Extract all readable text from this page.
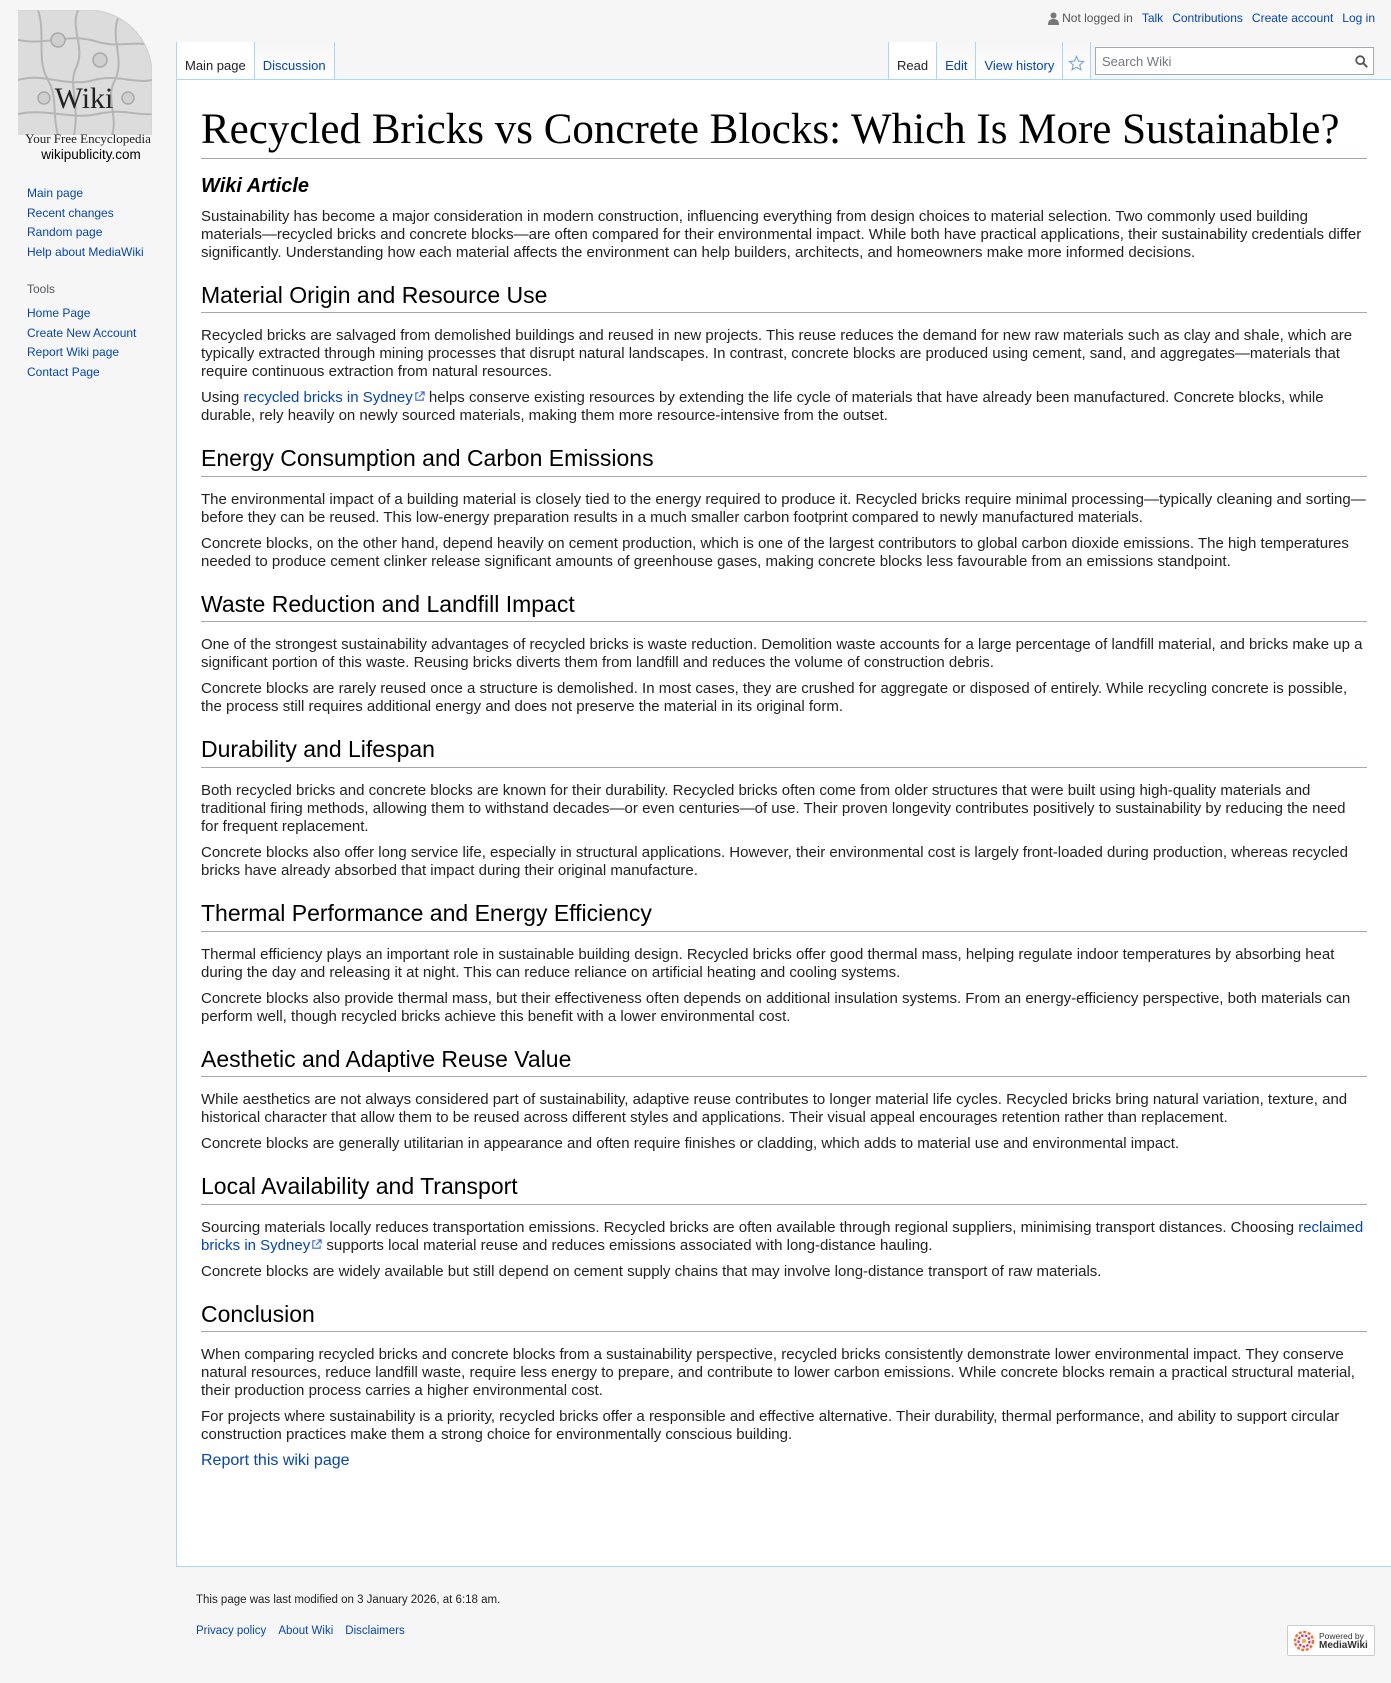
Wiki
Your Free Encyclopedia
wikipublicity.com
Not logged in Talk Contributions Create account Log in
Main page	Discussion	Read	Edit	View history
Search Wiki
Main page
Recent changes
Random page
Help about MediaWiki
Tools
Home Page
Create New Account
Report Wiki page
Contact Page
Recycled Bricks vs Concrete Blocks: Which Is More Sustainable?
Wiki Article

Sustainability has become a major consideration in modern construction, influencing everything from design choices to material selection. Two commonly used building materials—recycled bricks and concrete blocks—are often compared for their environmental impact. While both have practical applications, their sustainability credentials differ significantly. Understanding how each material affects the environment can help builders, architects, and homeowners make more informed decisions.

Material Origin and Resource Use

Recycled bricks are salvaged from demolished buildings and reused in new projects. This reuse reduces the demand for new raw materials such as clay and shale, which are typically extracted through mining processes that disrupt natural landscapes. In contrast, concrete blocks are produced using cement, sand, and aggregates—materials that require continuous extraction from natural resources.

Using recycled bricks in Sydney helps conserve existing resources by extending the life cycle of materials that have already been manufactured. Concrete blocks, while durable, rely heavily on newly sourced materials, making them more resource-intensive from the outset.

Energy Consumption and Carbon Emissions

The environmental impact of a building material is closely tied to the energy required to produce it. Recycled bricks require minimal processing—typically cleaning and sorting—before they can be reused. This low-energy preparation results in a much smaller carbon footprint compared to newly manufactured materials.

Concrete blocks, on the other hand, depend heavily on cement production, which is one of the largest contributors to global carbon dioxide emissions. The high temperatures needed to produce cement clinker release significant amounts of greenhouse gases, making concrete blocks less favourable from an emissions standpoint.

Waste Reduction and Landfill Impact

One of the strongest sustainability advantages of recycled bricks is waste reduction. Demolition waste accounts for a large percentage of landfill material, and bricks make up a significant portion of this waste. Reusing bricks diverts them from landfill and reduces the volume of construction debris.

Concrete blocks are rarely reused once a structure is demolished. In most cases, they are crushed for aggregate or disposed of entirely. While recycling concrete is possible, the process still requires additional energy and does not preserve the material in its original form.

Durability and Lifespan

Both recycled bricks and concrete blocks are known for their durability. Recycled bricks often come from older structures that were built using high-quality materials and traditional firing methods, allowing them to withstand decades—or even centuries—of use. Their proven longevity contributes positively to sustainability by reducing the need for frequent replacement.

Concrete blocks also offer long service life, especially in structural applications. However, their environmental cost is largely front-loaded during production, whereas recycled bricks have already absorbed that impact during their original manufacture.

Thermal Performance and Energy Efficiency

Thermal efficiency plays an important role in sustainable building design. Recycled bricks offer good thermal mass, helping regulate indoor temperatures by absorbing heat during the day and releasing it at night. This can reduce reliance on artificial heating and cooling systems.

Concrete blocks also provide thermal mass, but their effectiveness often depends on additional insulation systems. From an energy-efficiency perspective, both materials can perform well, though recycled bricks achieve this benefit with a lower environmental cost.

Aesthetic and Adaptive Reuse Value

While aesthetics are not always considered part of sustainability, adaptive reuse contributes to longer material life cycles. Recycled bricks bring natural variation, texture, and historical character that allow them to be reused across different styles and applications. Their visual appeal encourages retention rather than replacement.

Concrete blocks are generally utilitarian in appearance and often require finishes or cladding, which adds to material use and environmental impact.

Local Availability and Transport

Sourcing materials locally reduces transportation emissions. Recycled bricks are often available through regional suppliers, minimising transport distances. Choosing reclaimed bricks in Sydney supports local material reuse and reduces emissions associated with long-distance hauling.

Concrete blocks are widely available but still depend on cement supply chains that may involve long-distance transport of raw materials.

Conclusion

When comparing recycled bricks and concrete blocks from a sustainability perspective, recycled bricks consistently demonstrate lower environmental impact. They conserve natural resources, reduce landfill waste, require less energy to prepare, and contribute to lower carbon emissions. While concrete blocks remain a practical structural material, their production process carries a higher environmental cost.

For projects where sustainability is a priority, recycled bricks offer a responsible and effective alternative. Their durability, thermal performance, and ability to support circular construction practices make them a strong choice for environmentally conscious building.

Report this wiki page
This page was last modified on 3 January 2026, at 6:18 am.
Privacy policy About Wiki Disclaimers	Powered by
MediaWiki
